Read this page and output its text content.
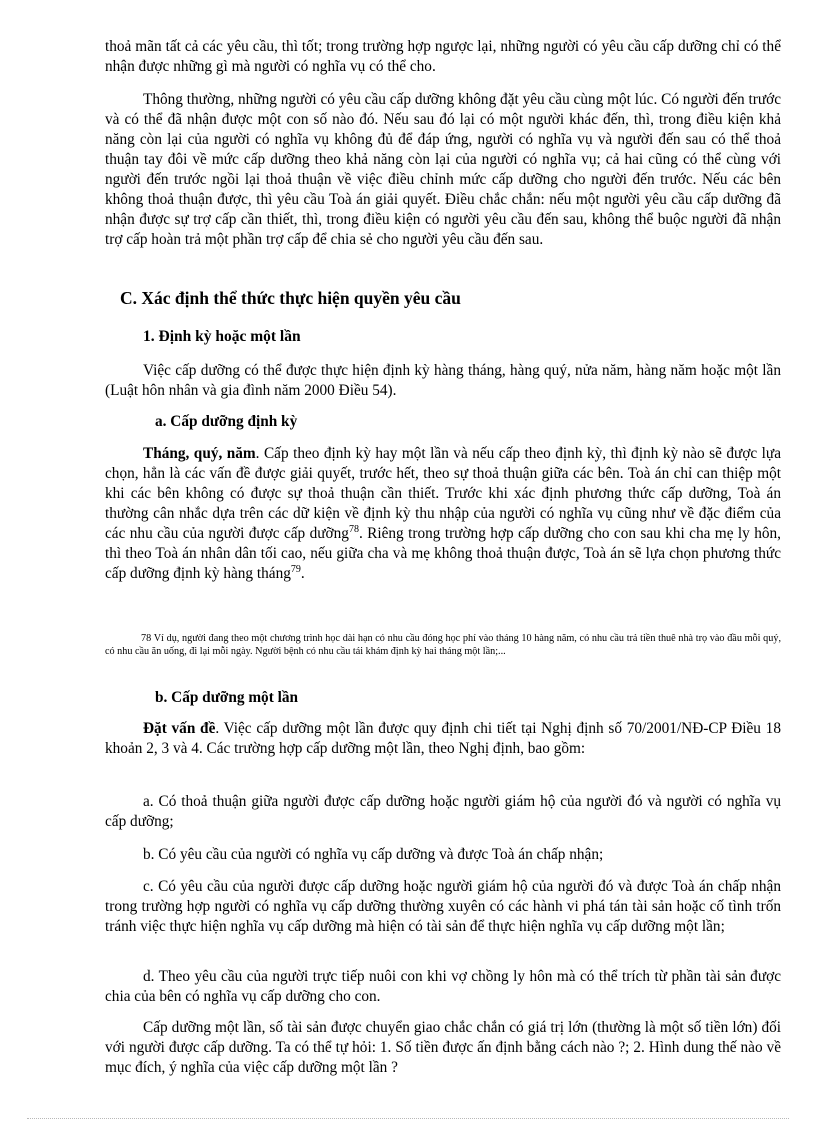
thoả mãn tất cả các yêu cầu, thì tốt; trong trường hợp ngược lại, những người có yêu cầu cấp dưỡng chỉ có thể nhận được những gì mà người có nghĩa vụ có thể cho.

Thông thường, những người có yêu cầu cấp dưỡng không đặt yêu cầu cùng một lúc. Có người đến trước và có thể đã nhận được một con số nào đó. Nếu sau đó lại có một người khác đến, thì, trong điều kiện khả năng còn lại của người có nghĩa vụ không đủ để đáp ứng, người có nghĩa vụ và người đến sau có thể thoả thuận tay đôi về mức cấp dưỡng theo khả năng còn lại của người có nghĩa vụ; cả hai cũng có thể cùng với người đến trước ngồi lại thoả thuận về việc điều chỉnh mức cấp dưỡng cho người đến trước. Nếu các bên không thoả thuận được, thì yêu cầu Toà án giải quyết. Điều chắc chắn: nếu một người yêu cầu cấp dưỡng đã nhận được sự trợ cấp cần thiết, thì, trong điều kiện có người yêu cầu đến sau, không thể buộc người đã nhận trợ cấp hoàn trả một phần trợ cấp để chia sẻ cho người yêu cầu đến sau.

C. Xác định thể thức thực hiện quyền yêu cầu
1. Định kỳ hoặc một lần

Việc cấp dưỡng có thể được thực hiện định kỳ hàng tháng, hàng quý, nửa năm, hàng năm hoặc một lần (Luật hôn nhân và gia đình năm 2000 Điều 54).

a. Cấp dưỡng định kỳ

Tháng, quý, năm. Cấp theo định kỳ hay một lần và nếu cấp theo định kỳ, thì định kỳ nào sẽ được lựa chọn, hẳn là các vấn đề được giải quyết, trước hết, theo sự thoả thuận giữa các bên. Toà án chỉ can thiệp một khi các bên không có được sự thoả thuận cần thiết. Trước khi xác định phương thức cấp dưỡng, Toà án thường cân nhắc dựa trên các dữ kiện về định kỳ thu nhập của người có nghĩa vụ cũng như về đặc điểm của các nhu cầu của người được cấp dưỡng$^{78}$. Riêng trong trường hợp cấp dưỡng cho con sau khi cha mẹ ly hôn, thì theo Toà án nhân dân tối cao, nếu giữa cha và mẹ không thoả thuận được, Toà án sẽ lựa chọn phương thức cấp dưỡng định kỳ hàng tháng$^{79}$.

78 Ví dụ, người đang theo một chương trình học dài hạn có nhu cầu đóng học phí vào tháng 10 hàng năm, có nhu cầu trả tiền thuê nhà trọ vào đầu mỗi quý, có nhu cầu ăn uống, đi lại mỗi ngày. Người bệnh có nhu cầu tái khám định kỳ hai tháng một lần;...

b. Cấp dưỡng một lần

Đặt vấn đề. Việc cấp dưỡng một lần được quy định chi tiết tại Nghị định số 70/2001/NĐ-CP Điều 18 khoản 2, 3 và 4. Các trường hợp cấp dưỡng một lần, theo Nghị định, bao gồm:

a. Có thoả thuận giữa người được cấp dưỡng hoặc người giám hộ của người đó và người có nghĩa vụ cấp dưỡng;

b. Có yêu cầu của người có nghĩa vụ cấp dưỡng và được Toà án chấp nhận;

c. Có yêu cầu của người được cấp dưỡng hoặc người giám hộ của người đó và được Toà án chấp nhận trong trường hợp người có nghĩa vụ cấp dưỡng thường xuyên có các hành vi phá tán tài sản hoặc cố tình trốn tránh việc thực hiện nghĩa vụ cấp dưỡng mà hiện có tài sản để thực hiện nghĩa vụ cấp dưỡng một lần;

d. Theo yêu cầu của người trực tiếp nuôi con khi vợ chồng ly hôn mà có thể trích từ phần tài sản được chia của bên có nghĩa vụ cấp dưỡng cho con.

Cấp dưỡng một lần, số tài sản được chuyển giao chắc chắn có giá trị lớn (thường là một số tiền lớn) đối với người được cấp dưỡng. Ta có thể tự hỏi: 1. Số tiền được ấn định bằng cách nào ?; 2. Hình dung thế nào về mục đích, ý nghĩa của việc cấp dưỡng một lần ?
